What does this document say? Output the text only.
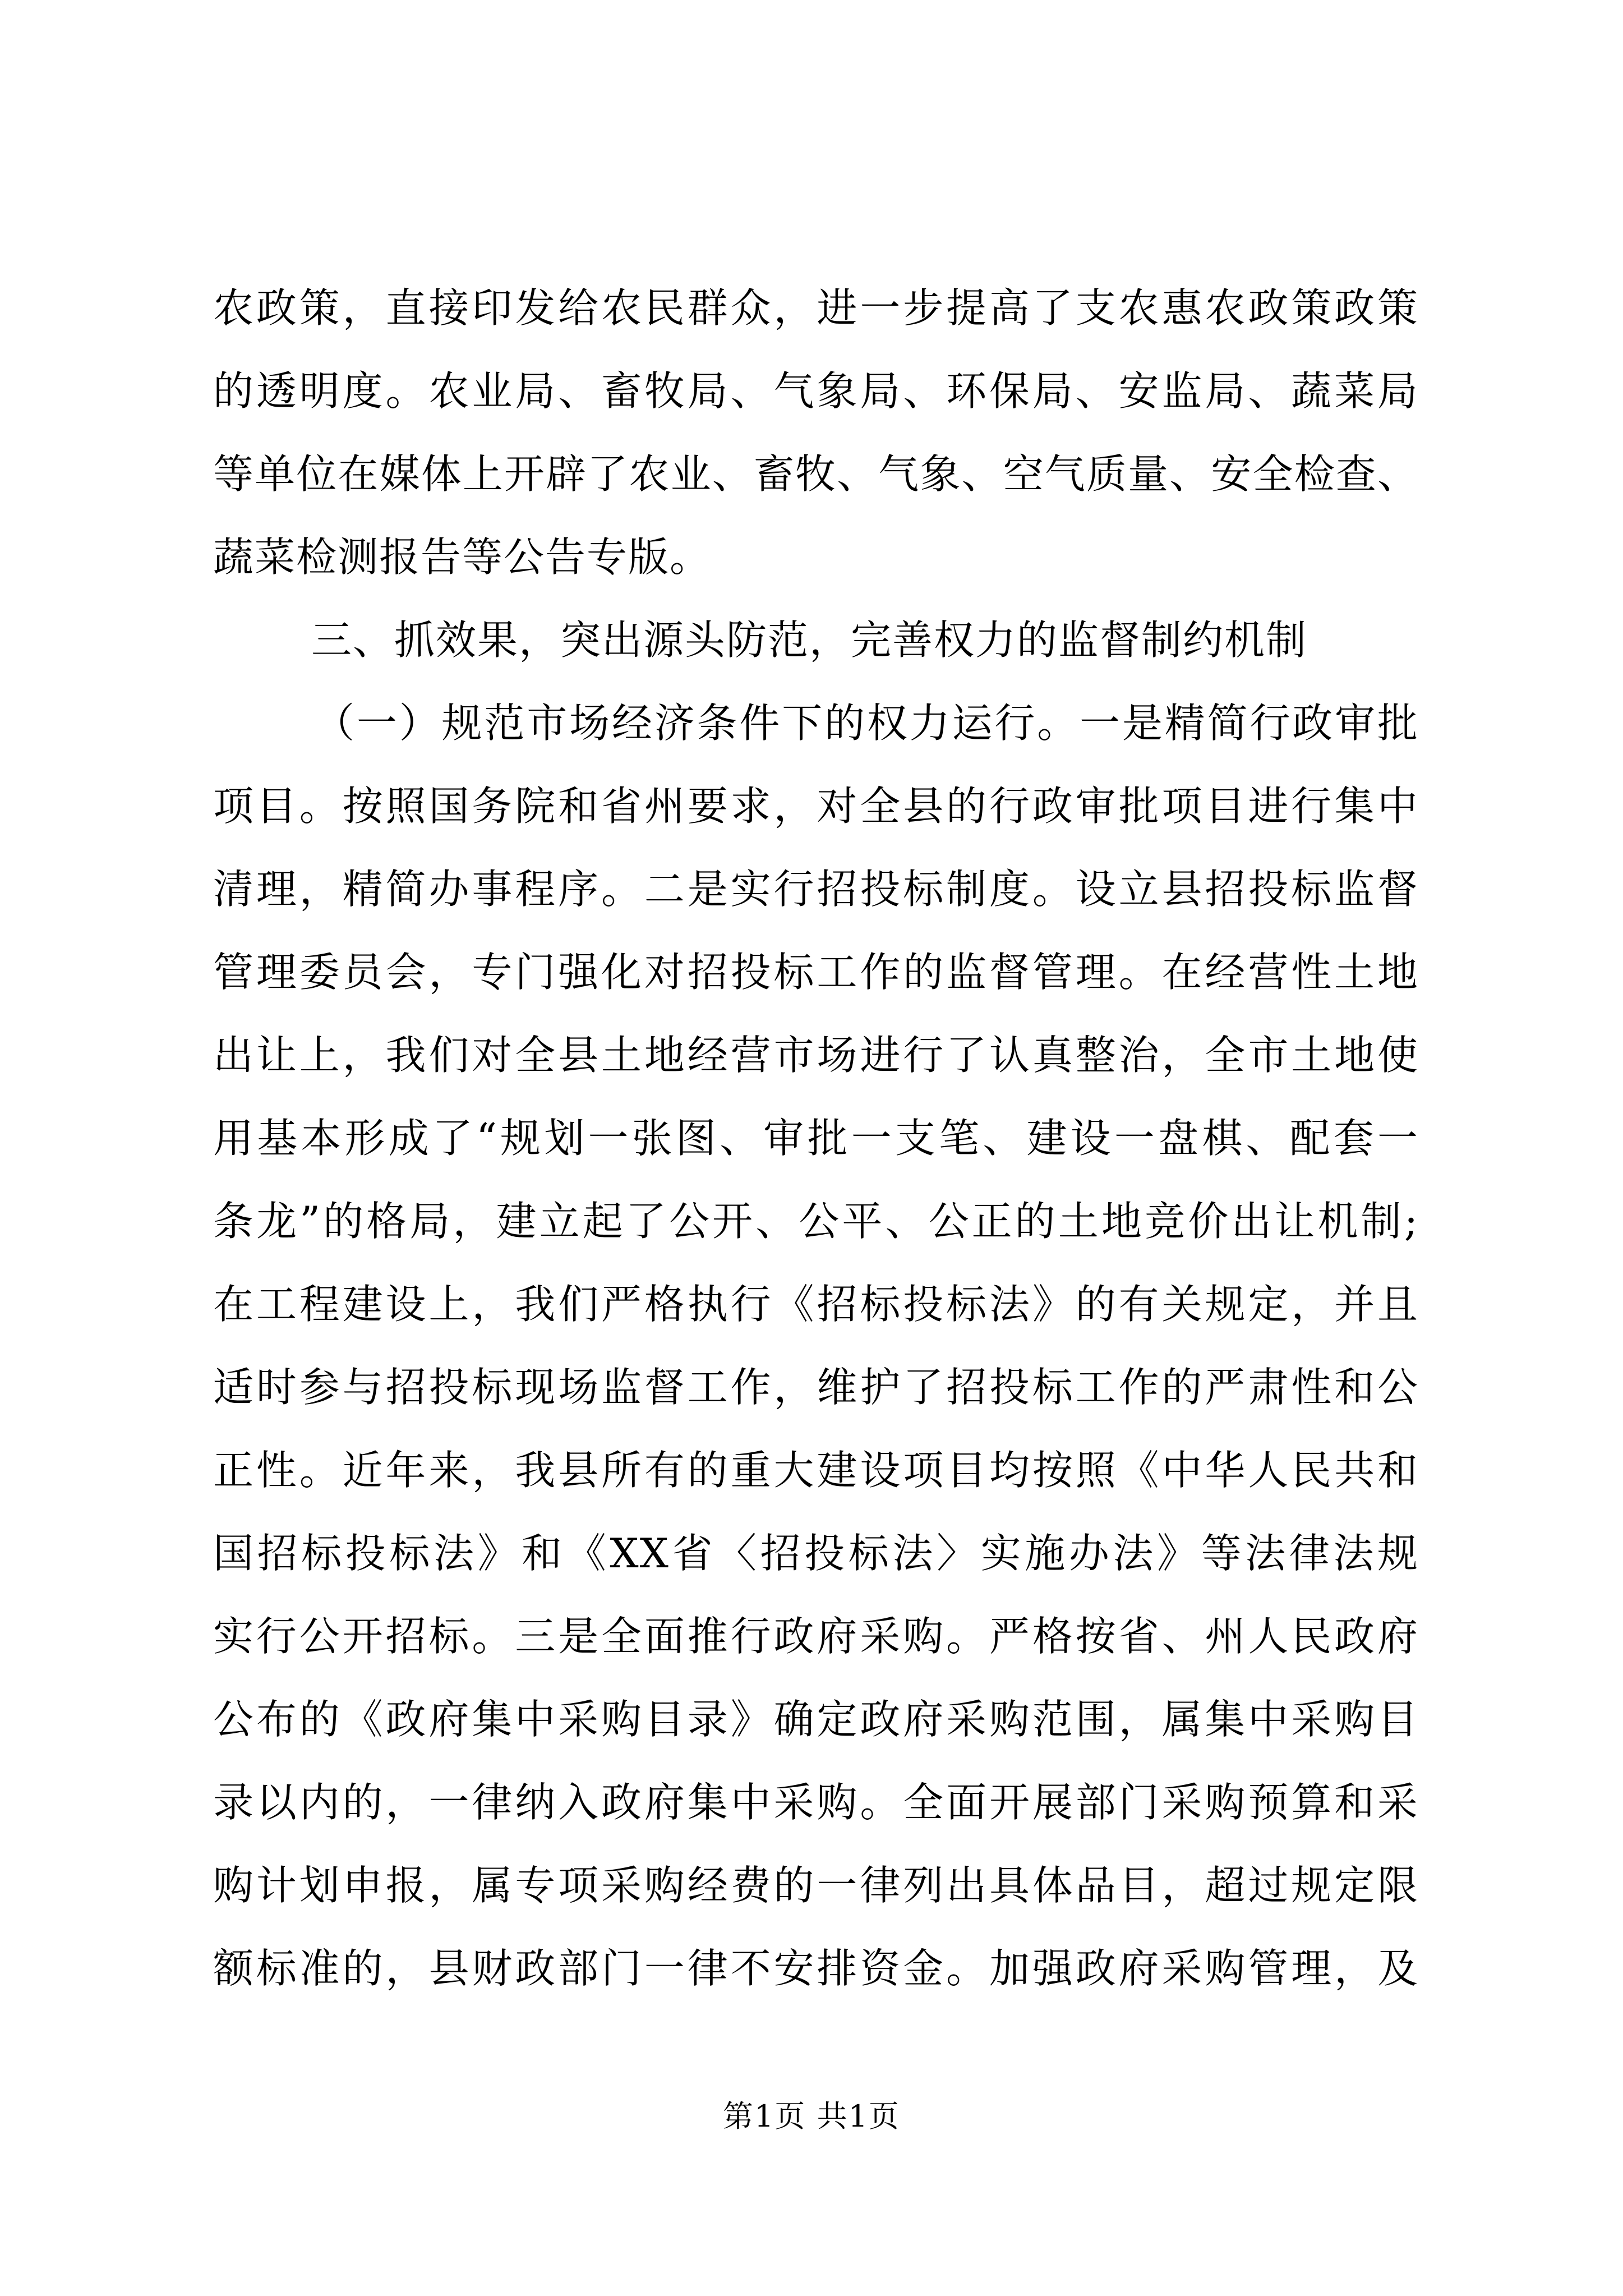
农政策，直接印发给农民群众，进一步提高了支农惠农政策政策
的透明度。农业局、畜牧局、气象局、环保局、安监局、蔬菜局
等单位在媒体上开辟了农业、畜牧、气象、空气质量、安全检查、
蔬菜检测报告等公告专版。
三、抓效果，突出源头防范，完善权力的监督制约机制
（一）规范市场经济条件下的权力运行。一是精简行政审批
项目。按照国务院和省州要求，对全县的行政审批项目进行集中
清理，精简办事程序。二是实行招投标制度。设立县招投标监督
管理委员会，专门强化对招投标工作的监督管理。在经营性土地
出让上，我们对全县土地经营市场进行了认真整治，全市土地使
用基本形成了“规划一张图、审批一支笔、建设一盘棋、配套一
条龙”的格局，建立起了公开、公平、公正的土地竞价出让机制;
在工程建设上，我们严格执行《招标投标法》的有关规定，并且
适时参与招投标现场监督工作，维护了招投标工作的严肃性和公
正性。近年来，我县所有的重大建设项目均按照《中华人民共和
国招标投标法》和《XX省〈招投标法〉实施办法》等法律法规
实行公开招标。三是全面推行政府采购。严格按省、州人民政府
公布的《政府集中采购目录》确定政府采购范围，属集中采购目
录以内的，一律纳入政府集中采购。全面开展部门采购预算和采
购计划申报，属专项采购经费的一律列出具体品目，超过规定限
额标准的，县财政部门一律不安排资金。加强政府采购管理，及
第1页 共1页
